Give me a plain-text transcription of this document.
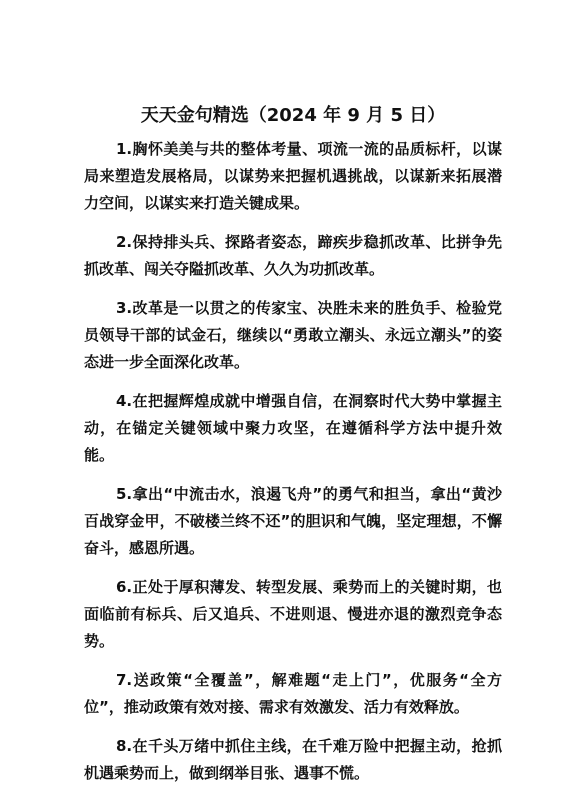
天天金句精选（2024 年 9 月 5 日）

1.胸怀美美与共的整体考量、项流一流的品质标杆，以谋局来塑造发展格局，以谋势来把握机遇挑战，以谋新来拓展潜力空间，以谋实来打造关键成果。

2.保持排头兵、探路者姿态，蹄疾步稳抓改革、比拼争先抓改革、闯关夺隘抓改革、久久为功抓改革。

3.改革是一以贯之的传家宝、决胜未来的胜负手、检验党员领导干部的试金石，继续以“勇敢立潮头、永远立潮头”的姿态进一步全面深化改革。

4.在把握辉煌成就中增强自信，在洞察时代大势中掌握主动，在锚定关键领域中聚力攻坚，在遵循科学方法中提升效能。

5.拿出“中流击水，浪遏飞舟”的勇气和担当，拿出“黄沙百战穿金甲，不破楼兰终不还”的胆识和气魄，坚定理想，不懈奋斗，感恩所遇。

6.正处于厚积薄发、转型发展、乘势而上的关键时期，也面临前有标兵、后又追兵、不进则退、慢进亦退的激烈竞争态势。

7.送政策“全覆盖”，解难题“走上门”，优服务“全方位”，推动政策有效对接、需求有效激发、活力有效释放。

8.在千头万绪中抓住主线，在千难万险中把握主动，抢抓机遇乘势而上，做到纲举目张、遇事不慌。
